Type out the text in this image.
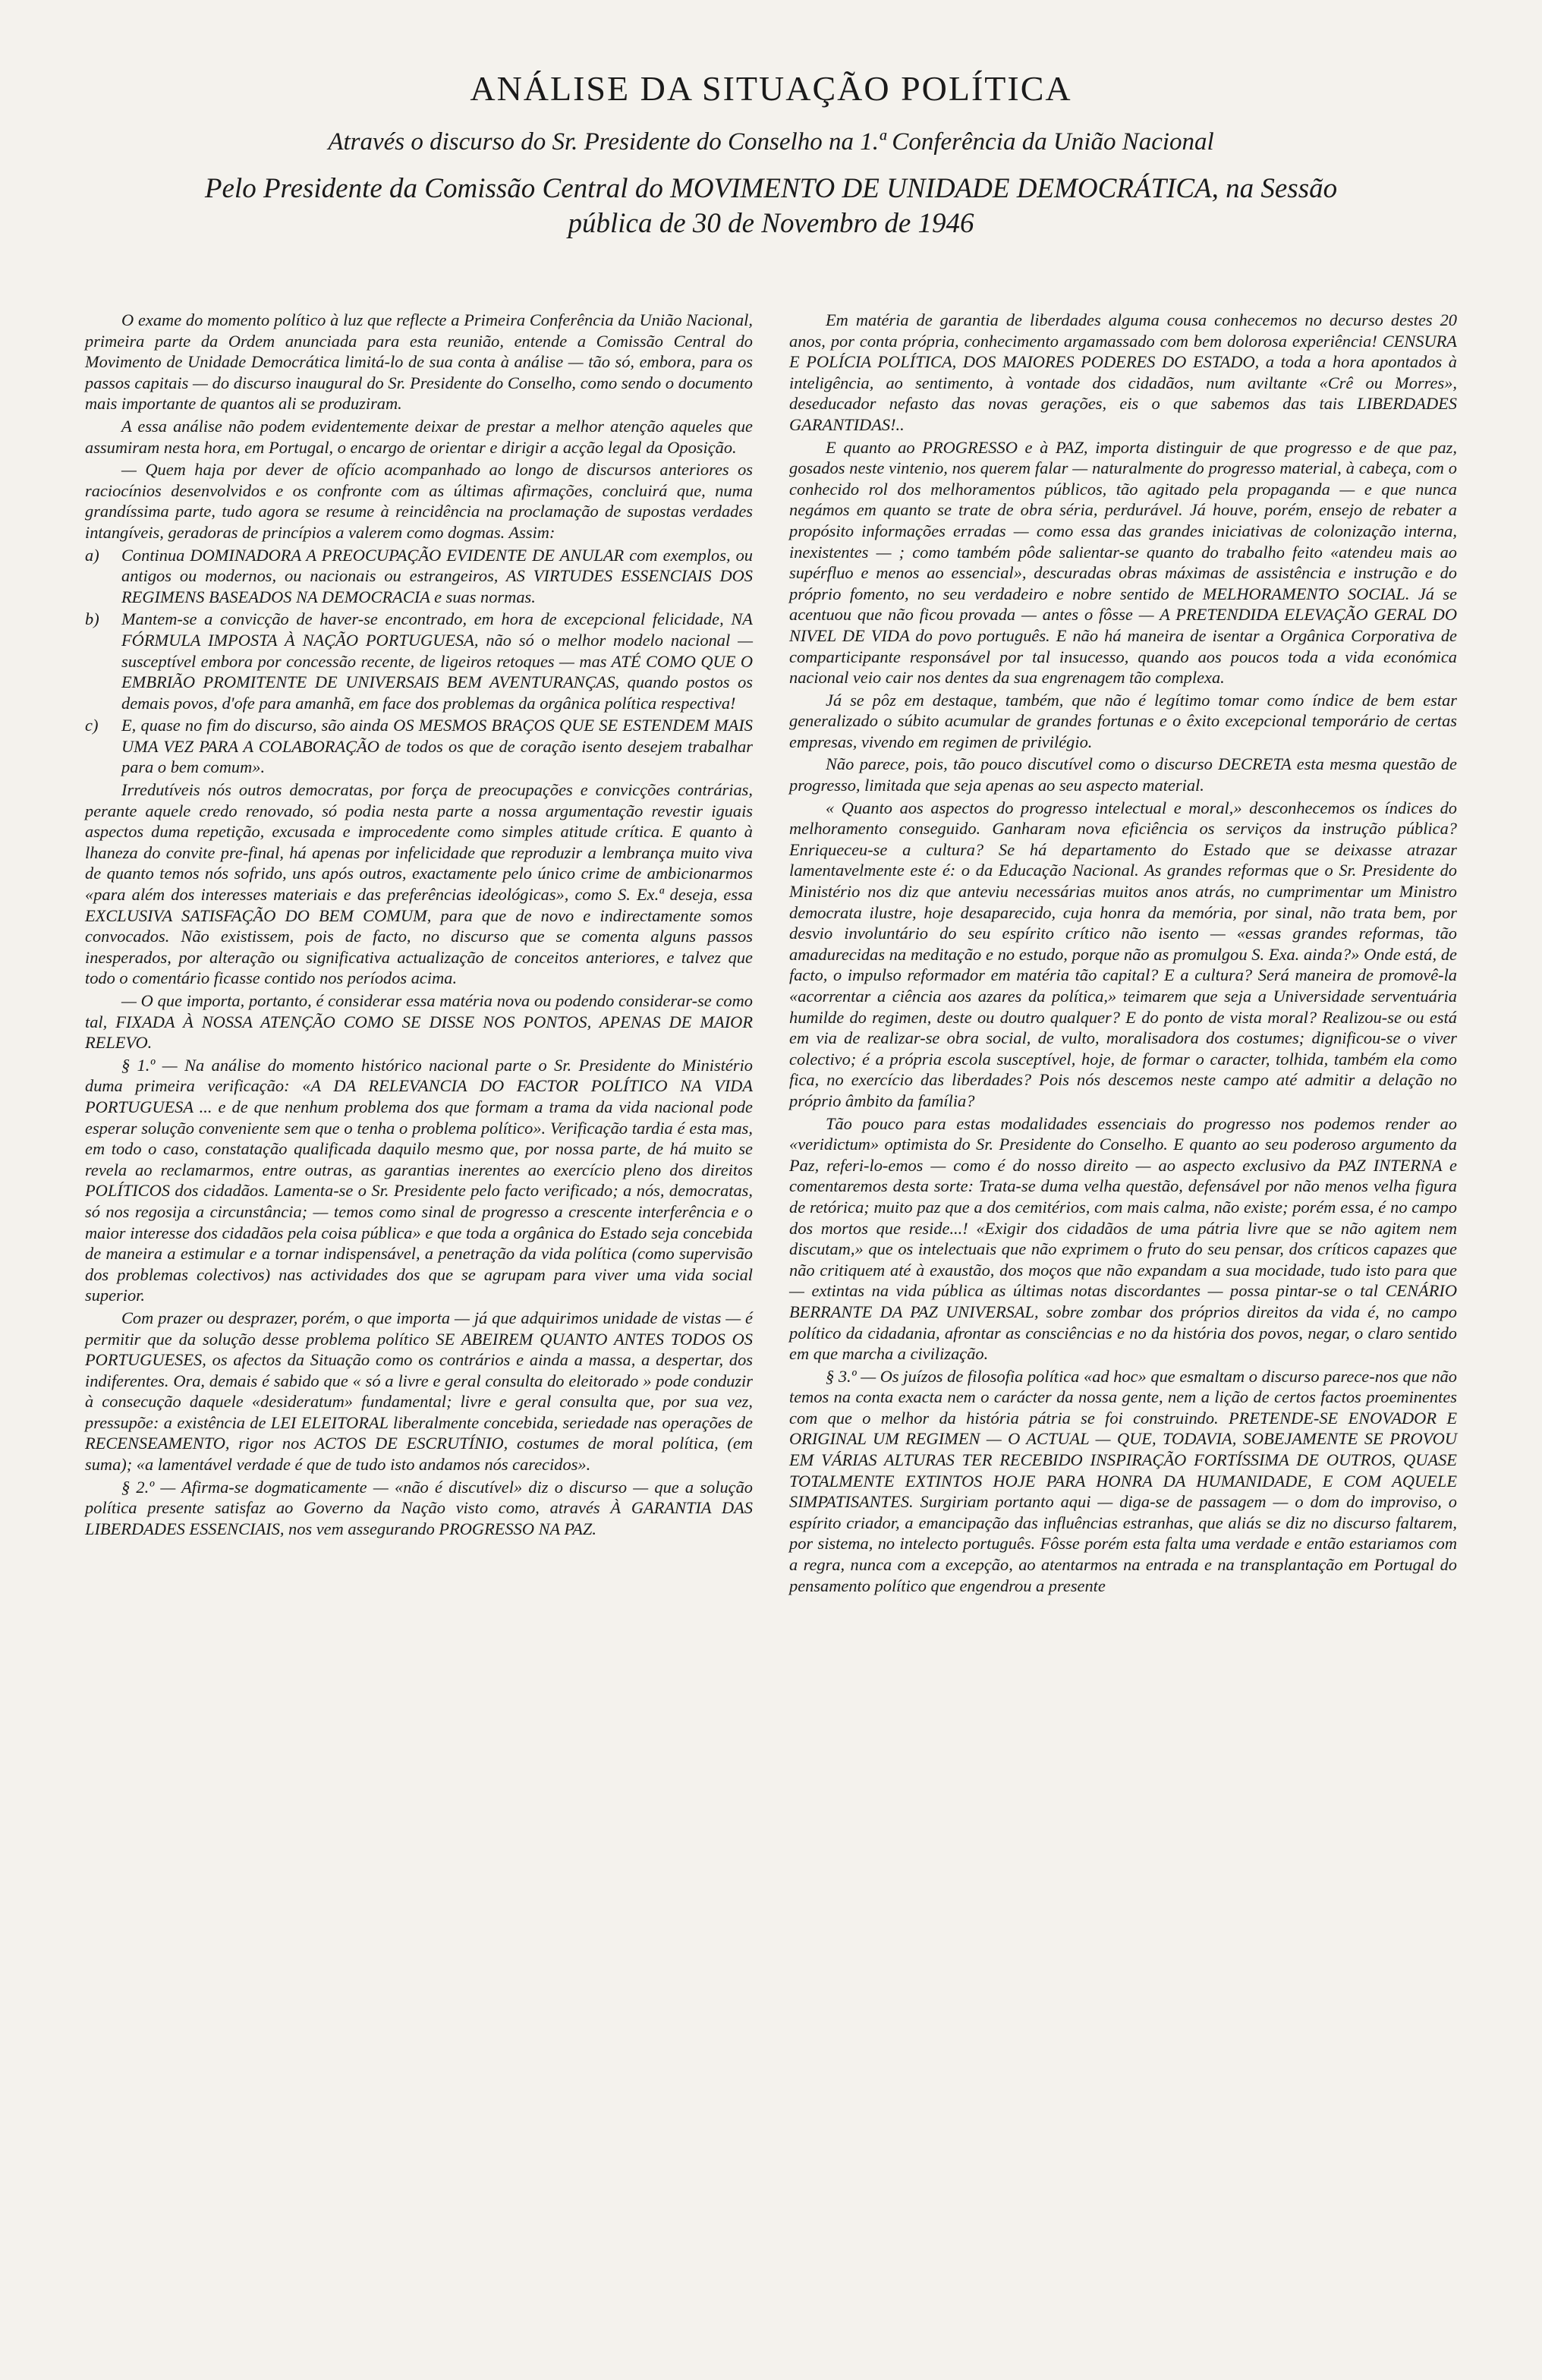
ANÁLISE DA SITUAÇÃO POLÍTICA
Através o discurso do Sr. Presidente do Conselho na 1.ª Conferência da União Nacional
Pelo Presidente da Comissão Central do MOVIMENTO DE UNIDADE DEMOCRÁTICA, na Sessão pública de 30 de Novembro de 1946

O exame do momento político à luz que reflecte a Primeira Conferência da União Nacional, primeira parte da Ordem anunciada para esta reunião, entende a Comissão Central do Movimento de Unidade Democrática limitá-lo de sua conta à análise — tão só, embora, para os passos capitais — do discurso inaugural do Sr. Presidente do Conselho, como sendo o documento mais importante de quantos ali se produziram.

A essa análise não podem evidentemente deixar de prestar a melhor atenção aqueles que assumiram nesta hora, em Portugal, o encargo de orientar e dirigir a acção legal da Oposição.

— Quem haja por dever de ofício acompanhado ao longo de discursos anteriores os raciocínios desenvolvidos e os confronte com as últimas afirmações, concluirá que, numa grandíssima parte, tudo agora se resume à reincidência na proclamação de supostas verdades intangíveis, geradoras de princípios a valerem como dogmas. Assim:

a) Continua DOMINADORA A PREOCUPAÇÃO EVIDENTE DE ANULAR com exemplos, ou antigos ou modernos, ou nacionais ou estrangeiros, AS VIRTUDES ESSENCIAIS DOS REGIMENS BASEADOS NA DEMOCRACIA e suas normas.

b) Mantem-se a convicção de haver-se encontrado, em hora de excepcional felicidade, NA FÓRMULA IMPOSTA À NAÇÃO PORTUGUESA, não só o melhor modelo nacional — susceptível embora por concessão recente, de ligeiros retoques — mas ATÉ COMO QUE O EMBRIÃO PROMITENTE DE UNIVERSAIS BEM AVENTURANÇAS, quando postos os demais povos, d'ofe para amanhã, em face dos problemas da orgânica política respectiva!

c) E, quase no fim do discurso, são ainda OS MESMOS BRAÇOS QUE SE ESTENDEM MAIS UMA VEZ PARA A COLABORAÇÃO de todos os que de coração isento desejem trabalhar para o bem comum».

Irredutíveis nós outros democratas, por força de preocupações e convicções contrárias, perante aquele credo renovado, só podia nesta parte a nossa argumentação revestir iguais aspectos duma repetição, excusada e improcedente como simples atitude crítica. E quanto à lhaneza do convite pre-final, há apenas por infelicidade que reproduzir a lembrança muito viva de quanto temos nós sofrido, uns após outros, exactamente pelo único crime de ambicionarmos «para além dos interesses materiais e das preferências ideológicas», como S. Ex.ª deseja, essa EXCLUSIVA SATISFAÇÃO DO BEM COMUM, para que de novo e indirectamente somos convocados. Não existissem, pois de facto, no discurso que se comenta alguns passos inesperados, por alteração ou significativa actualização de conceitos anteriores, e talvez que todo o comentário ficasse contido nos períodos acima.

— O que importa, portanto, é considerar essa matéria nova ou podendo considerar-se como tal, FIXADA À NOSSA ATENÇÃO COMO SE DISSE NOS PONTOS, APENAS DE MAIOR RELEVO.

§ 1.º — Na análise do momento histórico nacional parte o Sr. Presidente do Ministério duma primeira verificação: «A DA RELEVANCIA DO FACTOR POLÍTICO NA VIDA PORTUGUESA ... e de que nenhum problema dos que formam a trama da vida nacional pode esperar solução conveniente sem que o tenha o problema político». Verificação tardia é esta mas, em todo o caso, constatação qualificada daquilo mesmo que, por nossa parte, de há muito se revela ao reclamarmos, entre outras, as garantias inerentes ao exercício pleno dos direitos POLÍTICOS dos cidadãos. Lamenta-se o Sr. Presidente pelo facto verificado; a nós, democratas, só nos regosija a circunstância; — temos como sinal de progresso a crescente interferência e o maior interesse dos cidadãos pela coisa pública» e que toda a orgânica do Estado seja concebida de maneira a estimular e a tornar indispensável, a penetração da vida política (como supervisão dos problemas colectivos) nas actividades dos que se agrupam para viver uma vida social superior.

Com prazer ou desprazer, porém, o que importa — já que adquirimos unidade de vistas — é permitir que da solução desse problema político SE ABEIREM QUANTO ANTES TODOS OS PORTUGUESES, os afectos da Situação como os contrários e ainda a massa, a despertar, dos indiferentes. Ora, demais é sabido que « só a livre e geral consulta do eleitorado » pode conduzir à consecução daquele «desideratum» fundamental; livre e geral consulta que, por sua vez, pressupõe: a existência de LEI ELEITORAL liberalmente concebida, seriedade nas operações de RECENSEAMENTO, rigor nos ACTOS DE ESCRUTÍNIO, costumes de moral política, (em suma); «a lamentável verdade é que de tudo isto andamos nós carecidos».

§ 2.º — Afirma-se dogmaticamente — «não é discutível» diz o discurso — que a solução política presente satisfaz ao Governo da Nação visto como, através À GARANTIA DAS LIBERDADES ESSENCIAIS, nos vem assegurando PROGRESSO NA PAZ.

Em matéria de garantia de liberdades alguma cousa conhecemos no decurso destes 20 anos, por conta própria, conhecimento argamassado com bem dolorosa experiência! CENSURA E POLÍCIA POLÍTICA, DOS MAIORES PODERES DO ESTADO, a toda a hora apontados à inteligência, ao sentimento, à vontade dos cidadãos, num aviltante «Crê ou Morres», deseducador nefasto das novas gerações, eis o que sabemos das tais LIBERDADES GARANTIDAS!..

E quanto ao PROGRESSO e à PAZ, importa distinguir de que progresso e de que paz, gosados neste vintenio, nos querem falar — naturalmente do progresso material, à cabeça, com o conhecido rol dos melhoramentos públicos, tão agitado pela propaganda — e que nunca negámos em quanto se trate de obra séria, perdurável. Já houve, porém, ensejo de rebater a propósito informações erradas — como essa das grandes iniciativas de colonização interna, inexistentes — ; como também pôde salientar-se quanto do trabalho feito «atendeu mais ao supérfluo e menos ao essencial», descuradas obras máximas de assistência e instrução e do próprio fomento, no seu verdadeiro e nobre sentido de MELHORAMENTO SOCIAL. Já se acentuou que não ficou provada — antes o fôsse — A PRETENDIDA ELEVAÇÃO GERAL DO NIVEL DE VIDA do povo português. E não há maneira de isentar a Orgânica Corporativa de comparticipante responsável por tal insucesso, quando aos poucos toda a vida económica nacional veio cair nos dentes da sua engrenagem tão complexa.

Já se pôz em destaque, também, que não é legítimo tomar como índice de bem estar generalizado o súbito acumular de grandes fortunas e o êxito excepcional temporário de certas empresas, vivendo em regimen de privilégio.

Não parece, pois, tão pouco discutível como o discurso DECRETA esta mesma questão de progresso, limitada que seja apenas ao seu aspecto material.

« Quanto aos aspectos do progresso intelectual e moral,» desconhecemos os índices do melhoramento conseguido. Ganharam nova eficiência os serviços da instrução pública? Enriqueceu-se a cultura? Se há departamento do Estado que se deixasse atrazar lamentavelmente este é: o da Educação Nacional. As grandes reformas que o Sr. Presidente do Ministério nos diz que anteviu necessárias muitos anos atrás, no cumprimentar um Ministro democrata ilustre, hoje desaparecido, cuja honra da memória, por sinal, não trata bem, por desvio involuntário do seu espírito crítico não isento — «essas grandes reformas, tão amadurecidas na meditação e no estudo, porque não as promulgou S. Exa. ainda?» Onde está, de facto, o impulso reformador em matéria tão capital? E a cultura? Será maneira de promovê-la «acorrentar a ciência aos azares da política,» teimarem que seja a Universidade serventuária humilde do regimen, deste ou doutro qualquer? E do ponto de vista moral? Realizou-se ou está em via de realizar-se obra social, de vulto, moralisadora dos costumes; dignificou-se o viver colectivo; é a própria escola susceptível, hoje, de formar o caracter, tolhida, também ela como fica, no exercício das liberdades? Pois nós descemos neste campo até admitir a delação no próprio âmbito da família?

Tão pouco para estas modalidades essenciais do progresso nos podemos render ao «veridictum» optimista do Sr. Presidente do Conselho. E quanto ao seu poderoso argumento da Paz, referi-lo-emos — como é do nosso direito — ao aspecto exclusivo da PAZ INTERNA e comentaremos desta sorte: Trata-se duma velha questão, defensável por não menos velha figura de retórica; muito paz que a dos cemitérios, com mais calma, não existe; porém essa, é no campo dos mortos que reside...! «Exigir dos cidadãos de uma pátria livre que se não agitem nem discutam,» que os intelectuais que não exprimem o fruto do seu pensar, dos críticos capazes que não critiquem até à exaustão, dos moços que não expandam a sua mocidade, tudo isto para que — extintas na vida pública as últimas notas discordantes — possa pintar-se o tal CENÁRIO BERRANTE DA PAZ UNIVERSAL, sobre zombar dos próprios direitos da vida é, no campo político da cidadania, afrontar as consciências e no da história dos povos, negar, o claro sentido em que marcha a civilização.

§ 3.º — Os juízos de filosofia política «ad hoc» que esmaltam o discurso parece-nos que não temos na conta exacta nem o carácter da nossa gente, nem a lição de certos factos proeminentes com que o melhor da história pátria se foi construindo. PRETENDE-SE ENOVADOR E ORIGINAL UM REGIMEN — O ACTUAL — QUE, TODAVIA, SOBEJAMENTE SE PROVOU EM VÁRIAS ALTURAS TER RECEBIDO INSPIRAÇÃO FORTÍSSIMA DE OUTROS, QUASE TOTALMENTE EXTINTOS HOJE PARA HONRA DA HUMANIDADE, E COM AQUELE SIMPATISANTES. Surgiriam portanto aqui — diga-se de passagem — o dom do improviso, o espírito criador, a emancipação das influências estranhas, que aliás se diz no discurso faltarem, por sistema, no intelecto português. Fôsse porém esta falta uma verdade e então estariamos com a regra, nunca com a excepção, ao atentarmos na entrada e na transplantação em Portugal do pensamento político que engendrou a presente
